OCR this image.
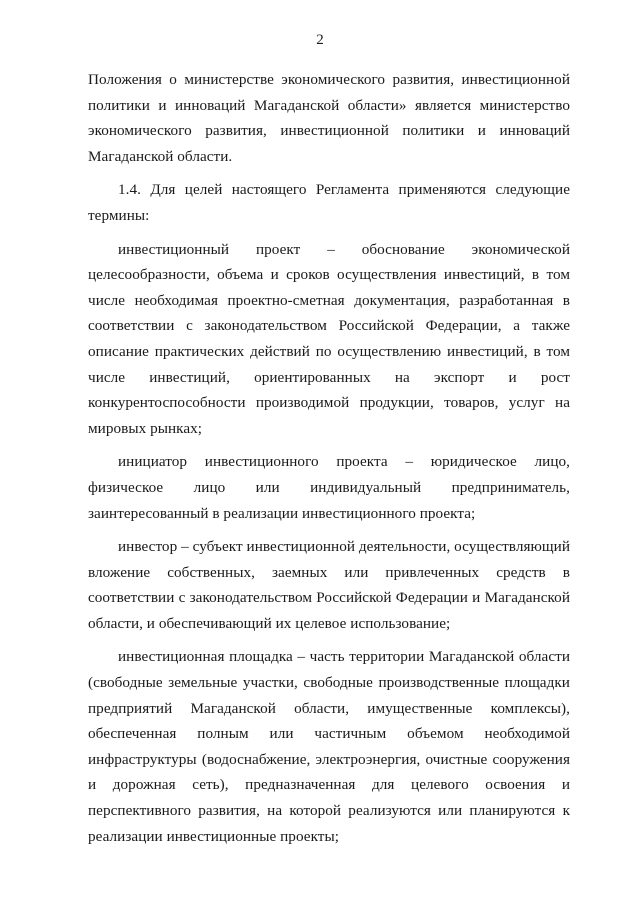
2

Положения о министерстве экономического развития, инвестиционной политики и инноваций Магаданской области» является министерство экономического развития, инвестиционной политики и инноваций Магаданской области.

1.4. Для целей настоящего Регламента применяются следующие термины:

инвестиционный проект – обоснование экономической целесообразности, объема и сроков осуществления инвестиций, в том числе необходимая проектно-сметная документация, разработанная в соответствии с законодательством Российской Федерации, а также описание практических действий по осуществлению инвестиций, в том числе инвестиций, ориентированных на экспорт и рост конкурентоспособности производимой продукции, товаров, услуг на мировых рынках;

инициатор инвестиционного проекта – юридическое лицо, физическое лицо или индивидуальный предприниматель, заинтересованный в реализации инвестиционного проекта;

инвестор – субъект инвестиционной деятельности, осуществляющий вложение собственных, заемных или привлеченных средств в соответствии с законодательством Российской Федерации и Магаданской области, и обеспечивающий их целевое использование;

инвестиционная площадка – часть территории Магаданской области (свободные земельные участки, свободные производственные площадки предприятий Магаданской области, имущественные комплексы), обеспеченная полным или частичным объемом необходимой инфраструктуры (водоснабжение, электроэнергия, очистные сооружения и дорожная сеть), предназначенная для целевого освоения и перспективного развития, на которой реализуются или планируются к реализации инвестиционные проекты;
